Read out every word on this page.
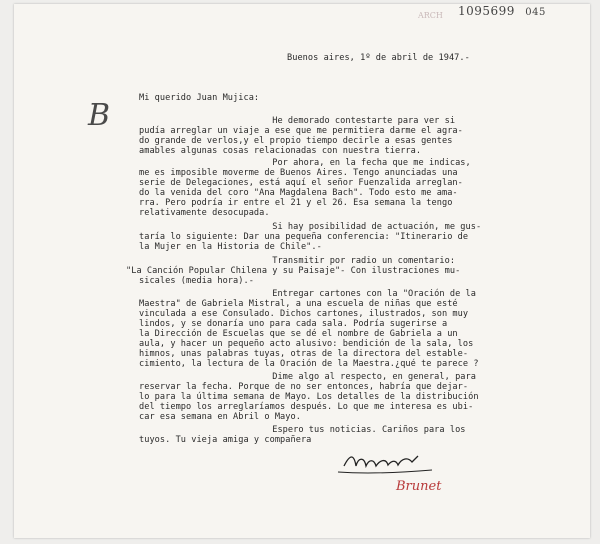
1095699 045
ARCH
Buenos aires, 1º de abril de 1947.-
B	Mi querido Juan Mujica:
He demorado contestarte para ver si
pudía arreglar un viaje a ese que me permitiera darme el agra-
do grande de verlos,y el propio tiempo decirle a esas gentes
amables algunas cosas relacionadas con nuestra tierra.
Por ahora, en la fecha que me indicas,
me es imposible moverme de Buenos Aires. Tengo anunciadas una
serie de Delegaciones, está aquí el señor Fuenzalida arreglan-
do la venida del coro "Ana Magdalena Bach". Todo esto me ama-
rra. Pero podría ir entre el 21 y el 26. Esa semana la tengo
relativamente desocupada.
Si hay posibilidad de actuación, me gus-
taría lo siguiente: Dar una pequeña conferencia: "Itinerario de
la Mujer en la Historia de Chile".-
Transmitir por radio un comentario:
"La Canción Popular Chilena y su Paisaje"- Con ilustraciones mu-
sicales (media hora).-
Entregar cartones con la "Oración de la
Maestra" de Gabriela Mistral, a una escuela de niñas que esté
vinculada a ese Consulado. Dichos cartones, ilustrados, son muy
lindos, y se donaría uno para cada sala. Podría sugerirse a
la Dirección de Escuelas que se dé el nombre de Gabriela a un
aula, y hacer un pequeño acto alusivo: bendición de la sala, los
himnos, unas palabras tuyas, otras de la directora del estable-
cimiento, la lectura de la Oración de la Maestra.¿qué te parece ?
Dime algo al respecto, en general, para
reservar la fecha. Porque de no ser entonces, habría que dejar-
lo para la última semana de Mayo. Los detalles de la distribución
del tiempo los arreglaríamos después. Lo que me interesa es ubi-
car esa semana en Abril o Mayo.
Espero tus noticias. Cariños para los
tuyos. Tu vieja amiga y compañera
Brunet
